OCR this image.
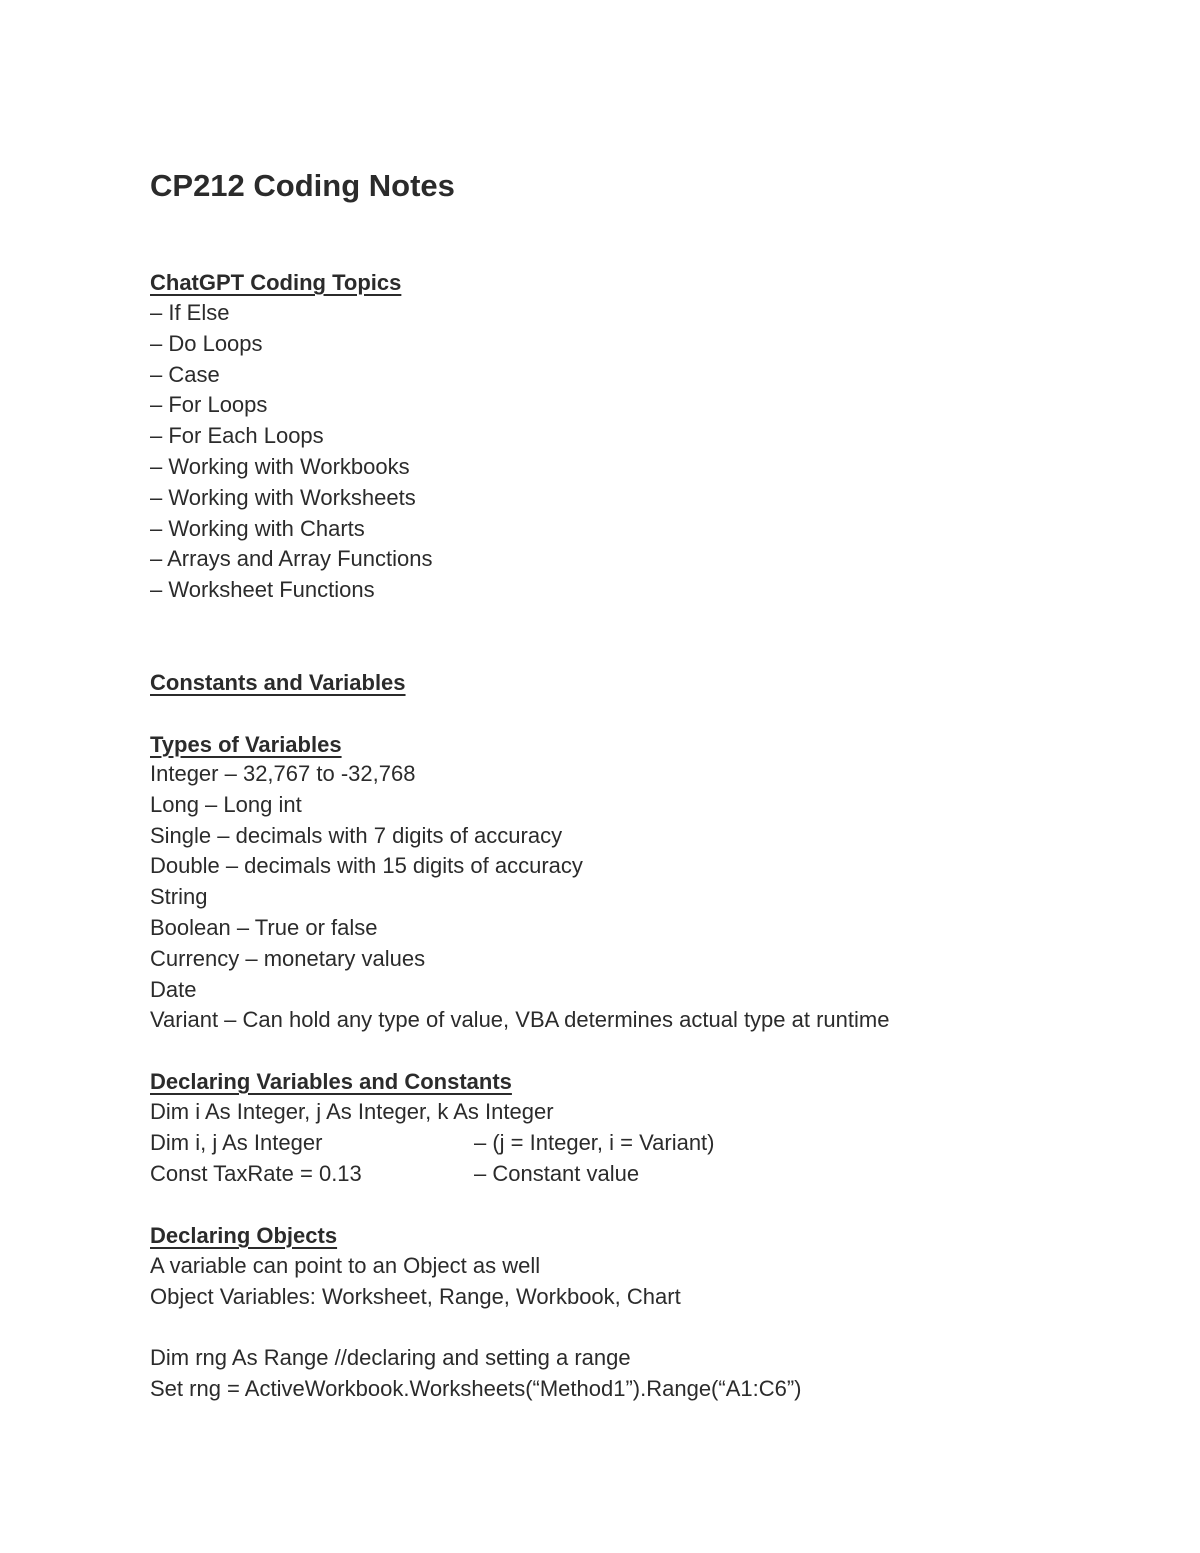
CP212 Coding Notes
ChatGPT Coding Topics
– If Else
– Do Loops
– Case
– For Loops
– For Each Loops
– Working with Workbooks
– Working with Worksheets
– Working with Charts
– Arrays and Array Functions
– Worksheet Functions
Constants and Variables
Types of Variables
Integer – 32,767 to -32,768
Long – Long int
Single – decimals with 7 digits of accuracy
Double – decimals with 15 digits of accuracy
String
Boolean – True or false
Currency – monetary values
Date
Variant – Can hold any type of value, VBA determines actual type at runtime
Declaring Variables and Constants
Dim i As Integer, j As Integer, k As Integer
Dim i, j As Integer	– (j = Integer, i = Variant)
Const TaxRate = 0.13	– Constant value
Declaring Objects
A variable can point to an Object as well
Object Variables: Worksheet, Range, Workbook, Chart
Dim rng As Range //declaring and setting a range
Set rng = ActiveWorkbook.Worksheets(“Method1”).Range(“A1:C6”)
